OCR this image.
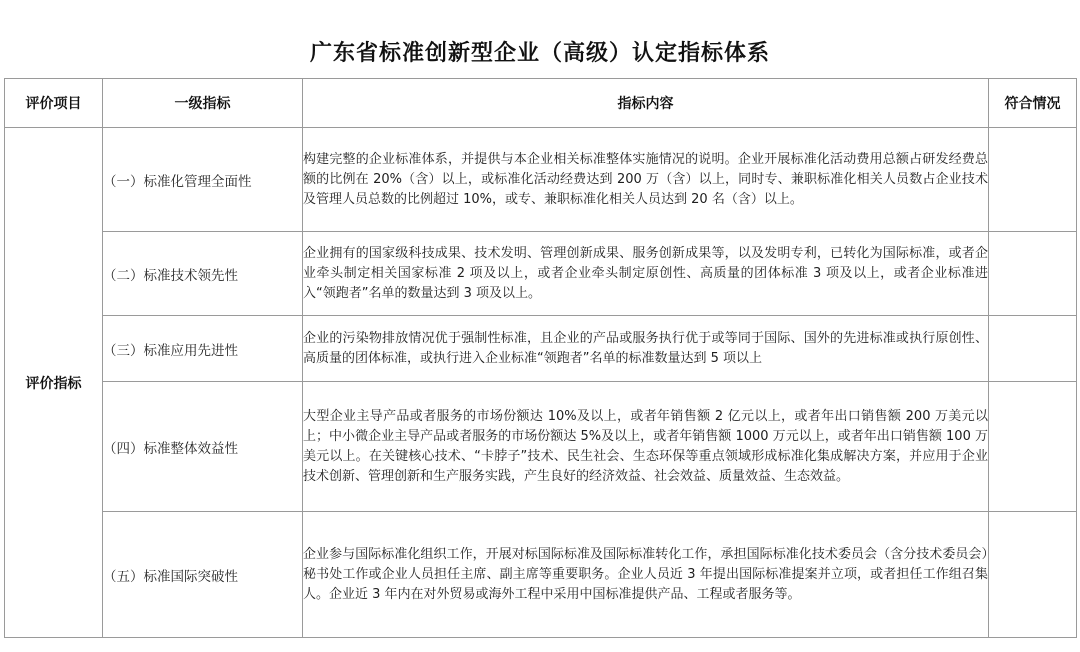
广东省标准创新型企业（高级）认定指标体系
评价项目	一级指标	指标内容	符合情况
评价指标	（一）标准化管理全面性	构建完整的企业标准体系，并提供与本企业相关标准整体实施情况的说明。企业开展标准化活动费用总额占研发经费总额的比例在 20%（含）以上，或标准化活动经费达到 200 万（含）以上，同时专、兼职标准化相关人员数占企业技术及管理人员总数的比例超过 10%，或专、兼职标准化相关人员达到 20 名（含）以上。	
	（二）标准技术领先性	企业拥有的国家级科技成果、技术发明、管理创新成果、服务创新成果等，以及发明专利，已转化为国际标准，或者企业牵头制定相关国家标准 2 项及以上，或者企业牵头制定原创性、高质量的团体标准 3 项及以上，或者企业标准进入“领跑者”名单的数量达到 3 项及以上。	
	（三）标准应用先进性	企业的污染物排放情况优于强制性标准，且企业的产品或服务执行优于或等同于国际、国外的先进标准或执行原创性、高质量的团体标准，或执行进入企业标准“领跑者”名单的标准数量达到 5 项以上	
	（四）标准整体效益性	大型企业主导产品或者服务的市场份额达 10%及以上，或者年销售额 2 亿元以上，或者年出口销售额 200 万美元以上；中小微企业主导产品或者服务的市场份额达 5%及以上，或者年销售额 1000 万元以上，或者年出口销售额 100 万美元以上。在关键核心技术、“卡脖子”技术、民生社会、生态环保等重点领域形成标准化集成解决方案，并应用于企业技术创新、管理创新和生产服务实践，产生良好的经济效益、社会效益、质量效益、生态效益。	
	（五）标准国际突破性	企业参与国际标准化组织工作，开展对标国际标准及国际标准转化工作，承担国际标准化技术委员会（含分技术委员会）秘书处工作或企业人员担任主席、副主席等重要职务。企业人员近 3 年提出国际标准提案并立项，或者担任工作组召集人。企业近 3 年内在对外贸易或海外工程中采用中国标准提供产品、工程或者服务等。	
